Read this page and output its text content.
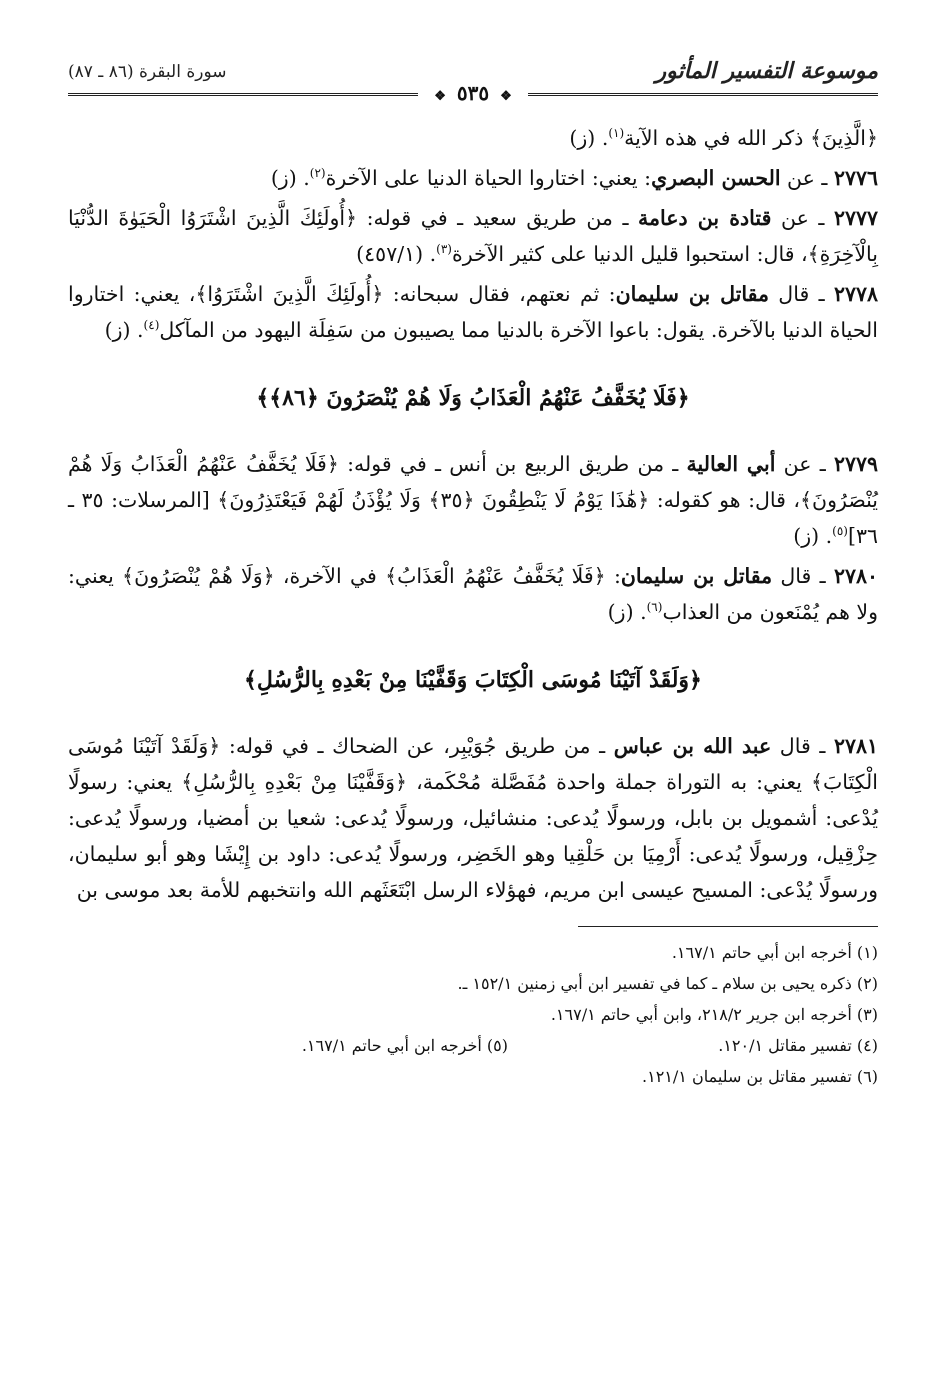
موسوعة التفسير المأثور
سورة البقرة (٨٦ ـ ٨٧)
❖ ٥٣٥ ❖

﴿الَّذِينَ﴾ ذكر الله في هذه الآية$^{(١)}$. (ز)

٢٧٧٦ ـ عن الحسن البصري: يعني: اختاروا الحياة الدنيا على الآخرة$^{(٢)}$. (ز)

٢٧٧٧ ـ عن قتادة بن دعامة ـ من طريق سعيد ـ في قوله: ﴿أُولَئِكَ الَّذِينَ اشْتَرَوُا الْحَيَوٰةَ الدُّنْيَا بِالْآخِرَةِ﴾، قال: استحبوا قليل الدنيا على كثير الآخرة$^{(٣)}$. (٤٥٧/١)

٢٧٧٨ ـ قال مقاتل بن سليمان: ثم نعتهم، فقال سبحانه: ﴿أُولَئِكَ الَّذِينَ اشْتَرَوُا﴾، يعني: اختاروا الحياة الدنيا بالآخرة. يقول: باعوا الآخرة بالدنيا مما يصيبون من سَفِلَة اليهود من المآكل$^{(٤)}$. (ز)

﴿فَلَا يُخَفَّفُ عَنْهُمُ الْعَذَابُ وَلَا هُمْ يُنْصَرُونَ ﴿٨٦﴾﴾

٢٧٧٩ ـ عن أبي العالية ـ من طريق الربيع بن أنس ـ في قوله: ﴿فَلَا يُخَفَّفُ عَنْهُمُ الْعَذَابُ وَلَا هُمْ يُنْصَرُونَ﴾، قال: هو كقوله: ﴿هَٰذَا يَوْمُ لَا يَنْطِقُونَ ﴿٣٥﴾ وَلَا يُؤْذَنُ لَهُمْ فَيَعْتَذِرُونَ﴾ [المرسلات: ٣٥ ـ ٣٦]$^{(٥)}$. (ز)

٢٧٨٠ ـ قال مقاتل بن سليمان: ﴿فَلَا يُخَفَّفُ عَنْهُمُ الْعَذَابُ﴾ في الآخرة، ﴿وَلَا هُمْ يُنْصَرُونَ﴾ يعني: ولا هم يُمْنَعون من العذاب$^{(٦)}$. (ز)

﴿وَلَقَدْ آتَيْنَا مُوسَى الْكِتَابَ وَقَفَّيْنَا مِنْ بَعْدِهِ بِالرُّسُلِ﴾

٢٧٨١ ـ قال عبد الله بن عباس ـ من طريق جُوَيْبِر، عن الضحاك ـ في قوله: ﴿وَلَقَدْ آتَيْنَا مُوسَى الْكِتَابَ﴾ يعني: به التوراة جملة واحدة مُفَصَّلة مُحْكَمة، ﴿وَقَفَّيْنَا مِنْ بَعْدِهِ بِالرُّسُلِ﴾ يعني: رسولًا يُدْعى: أشمويل بن بابل، ورسولًا يُدعى: منشائيل، ورسولًا يُدعى: شعيا بن أمضيا، ورسولًا يُدعى: حِزْقِيل، ورسولًا يُدعى: أَرْمِيَا بن حَلْقِيا وهو الخَضِر، ورسولًا يُدعى: داود بن إِيْشَا وهو أبو سليمان، ورسولًا يُدْعى: المسيح عيسى ابن مريم، فهؤلاء الرسل ابْتَعَثَهم الله وانتخبهم للأمة بعد موسى بن

(١) أخرجه ابن أبي حاتم ١٦٧/١.
(٢) ذكره يحيى بن سلام ـ كما في تفسير ابن أبي زمنين ١٥٢/١ ـ.
(٣) أخرجه ابن جرير ٢١٨/٢، وابن أبي حاتم ١٦٧/١.
(٤) تفسير مقاتل ١٢٠/١.
(٥) أخرجه ابن أبي حاتم ١٦٧/١.
(٦) تفسير مقاتل بن سليمان ١٢١/١.
